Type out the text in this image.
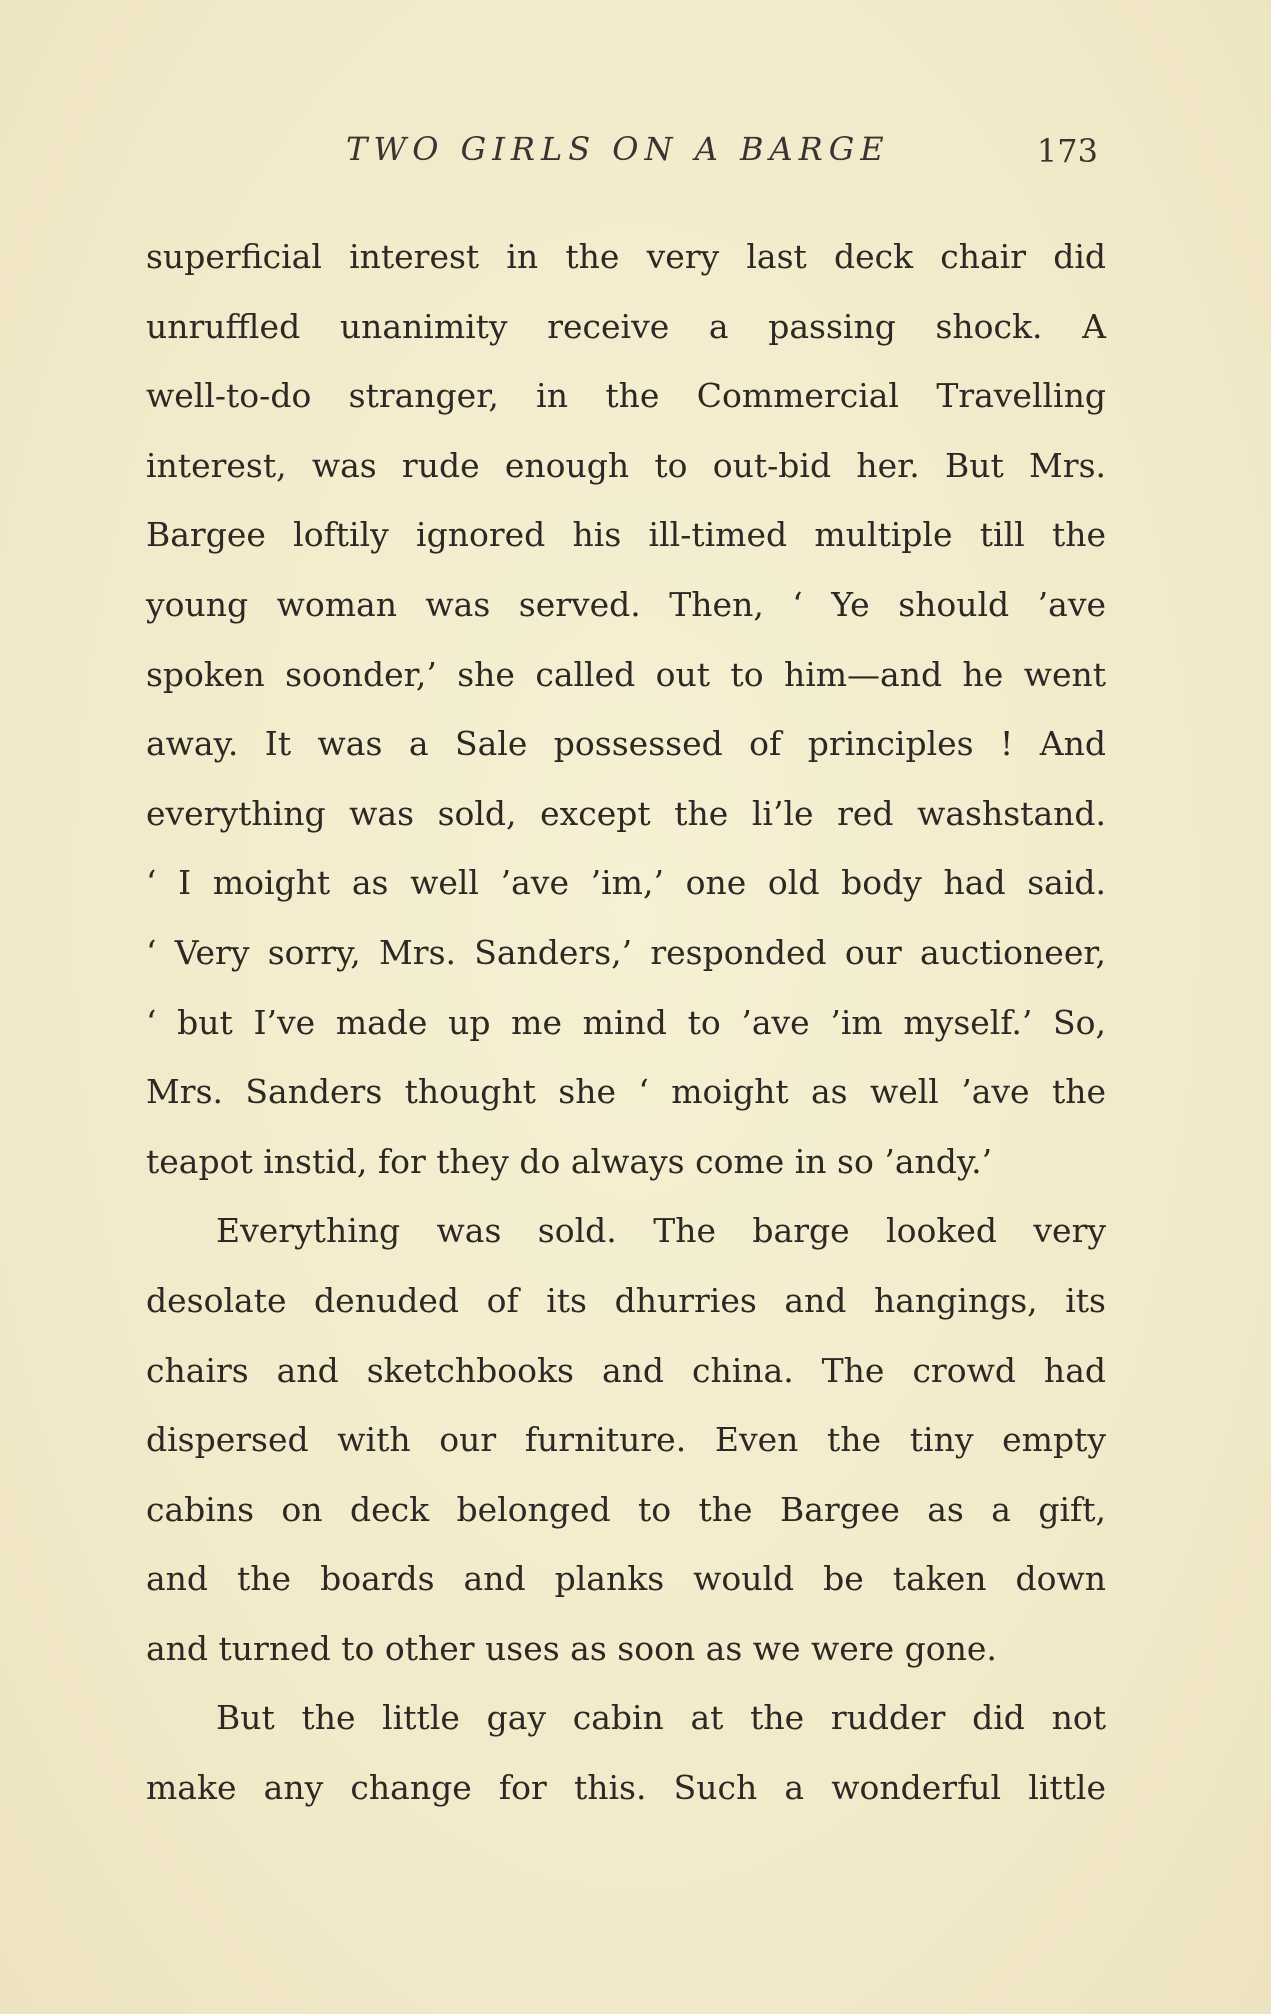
TWO GIRLS ON A BARGE	173
superficial interest in the very last deck chair did
unruffled unanimity receive a passing shock. A
well-to-do stranger, in the Commercial Travelling
interest, was rude enough to out-bid her. But Mrs.
Bargee loftily ignored his ill-timed multiple till the
young woman was served. Then, ‘ Ye should ’ave
spoken soonder,’ she called out to him—and he went
away. It was a Sale possessed of principles ! And
everything was sold, except the li’le red washstand.
‘ I moight as well ’ave ’im,’ one old body had said.
‘ Very sorry, Mrs. Sanders,’ responded our auctioneer,
‘ but I’ve made up me mind to ’ave ’im myself.’ So,
Mrs. Sanders thought she ‘ moight as well ’ave the
teapot instid, for they do always come in so ’andy.’
Everything was sold. The barge looked very
desolate denuded of its dhurries and hangings, its
chairs and sketchbooks and china. The crowd had
dispersed with our furniture. Even the tiny empty
cabins on deck belonged to the Bargee as a gift,
and the boards and planks would be taken down
and turned to other uses as soon as we were gone.
But the little gay cabin at the rudder did not
make any change for this. Such a wonderful little
